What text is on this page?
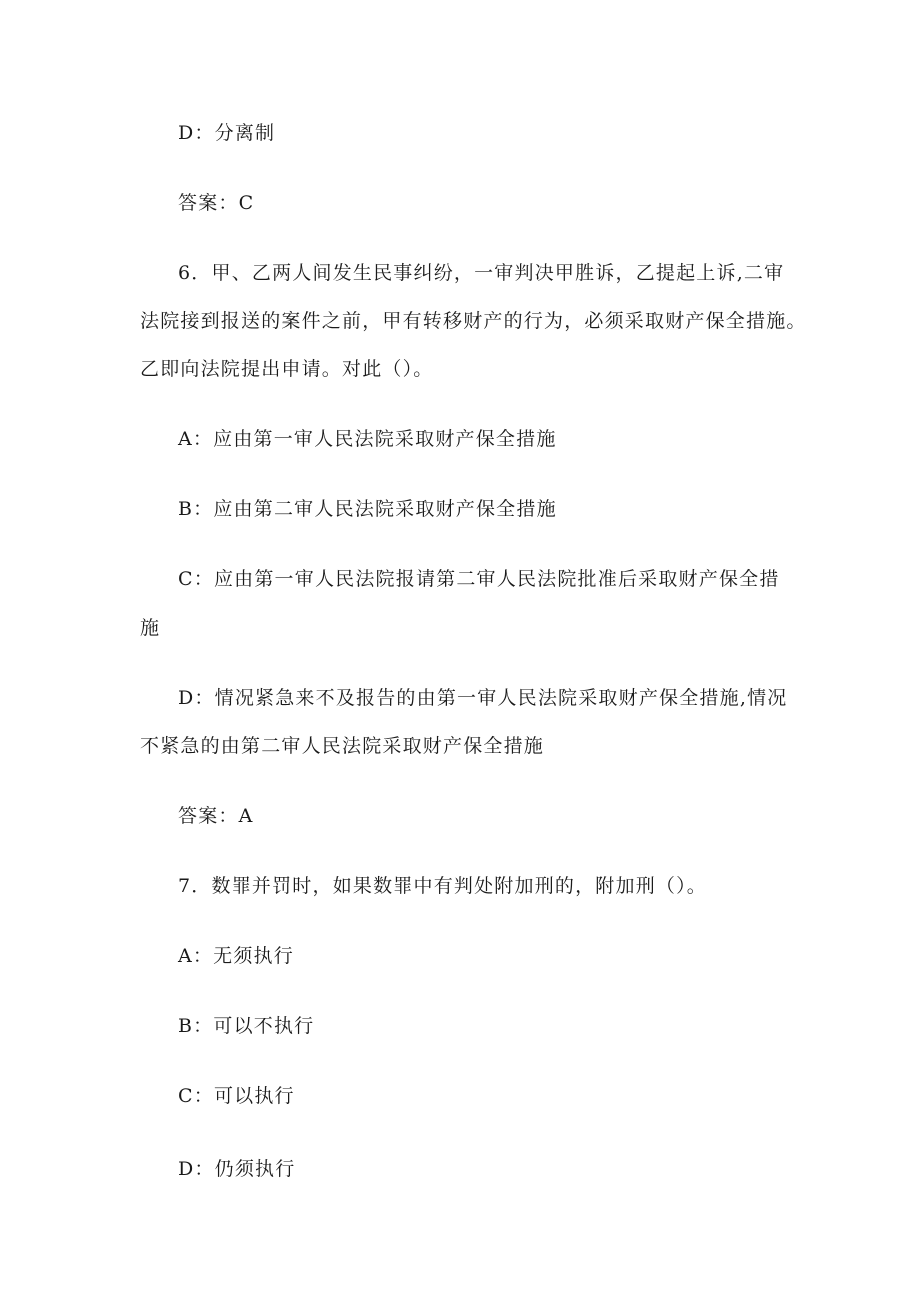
D：分离制

答案：C

6．甲、乙两人间发生民事纠纷，一审判决甲胜诉，乙提起上诉,二审

法院接到报送的案件之前，甲有转移财产的行为，必须采取财产保全措施。

乙即向法院提出申请。对此（）。

A：应由第一审人民法院采取财产保全措施

B：应由第二审人民法院采取财产保全措施

C：应由第一审人民法院报请第二审人民法院批准后采取财产保全措

施

D：情况紧急来不及报告的由第一审人民法院采取财产保全措施,情况

不紧急的由第二审人民法院采取财产保全措施

答案：A

7．数罪并罚时，如果数罪中有判处附加刑的，附加刑（）。

A：无须执行

B：可以不执行

C：可以执行

D：仍须执行
